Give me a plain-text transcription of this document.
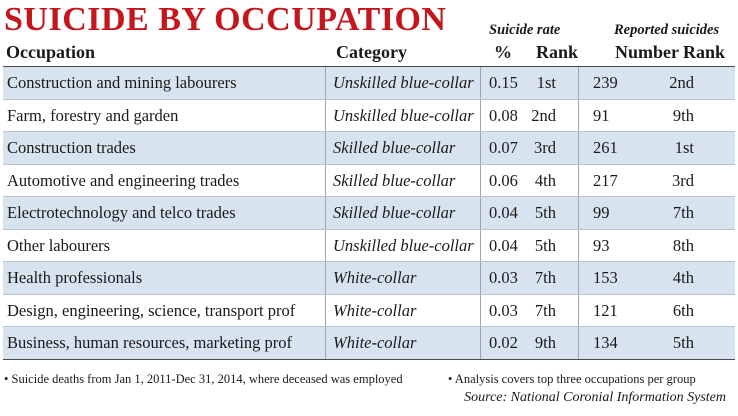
SUICIDE BY OCCUPATION	Suicide rate	Reported suicides
Occupation	Category	% Rank Number Rank
Construction and mining labourers	Unskilled blue-collar 0.15	1st	239	2nd
Farm, forestry and garden	Unskilled blue-collar 0.08 2nd	91	9th
Construction trades	Skilled blue-collar	0.07 3rd	261	1st
Automotive and engineering trades	Skilled blue-collar	0.06	4th	217	3rd
Electrotechnology and telco trades	Skilled blue-collar	0.04	5th	99	7th
Other labourers	Unskilled blue-collar 0.04	5th	93	8th
Health professionals	White-collar	0.03	7th	153	4th
Design, engineering, science, transport prof	White-collar	0.03	7th	121	6th
Business, human resources, marketing prof	White-collar	0.02	9th	134	5th
• Suicide deaths from Jan 1, 2011-Dec 31, 2014, where deceased was employed	• Analysis covers top three occupations per group
Source: National Coronial Information System
